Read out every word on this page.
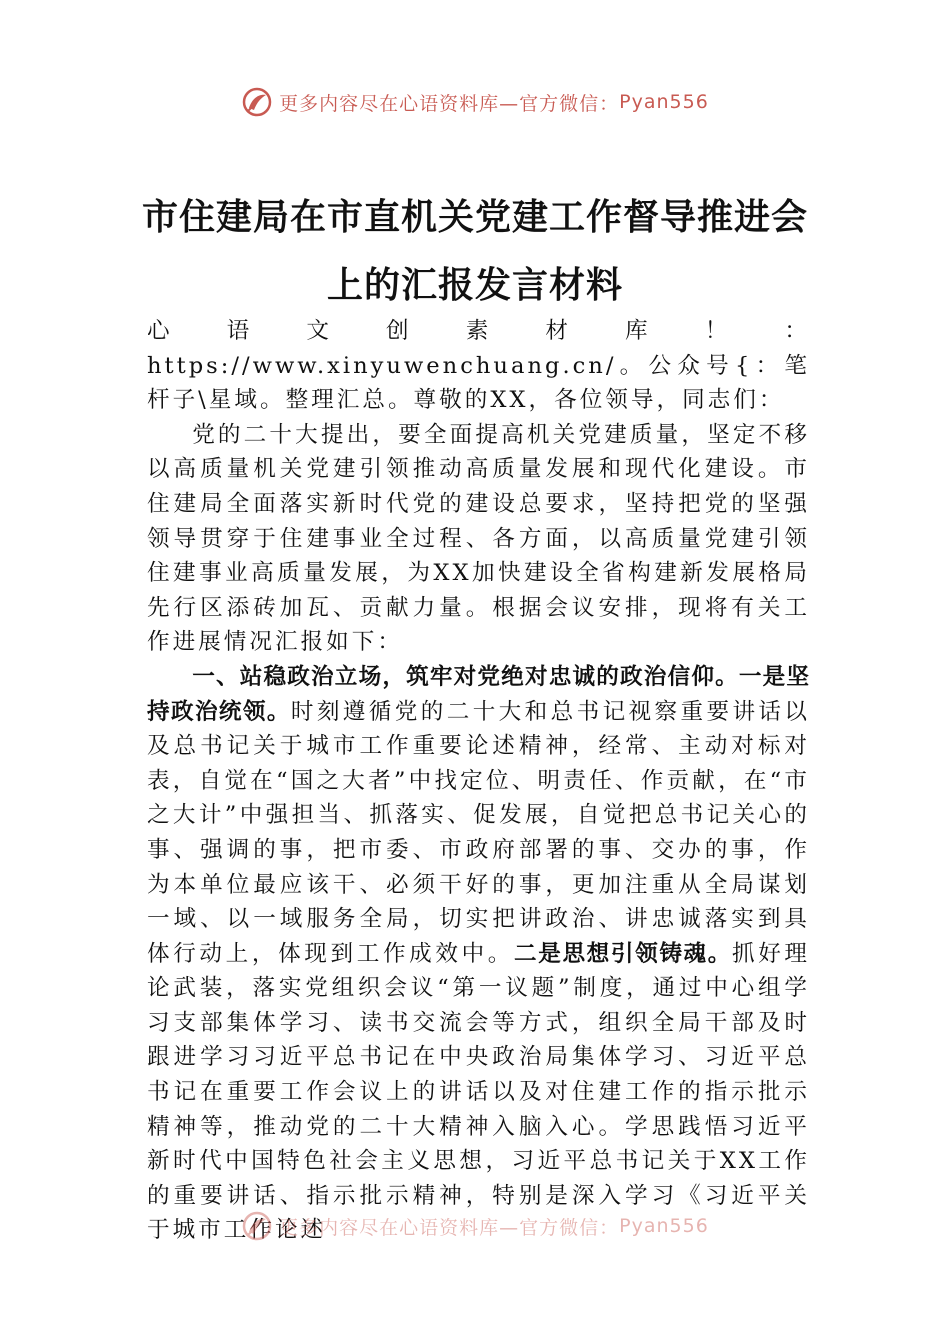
更多内容尽在心语资料库—官方微信： Pyan556
市住建局在市直机关党建工作督导推进会
上的汇报发言材料

心语文创素材库！：https://www.xinyuwenchuang.cn/。公众号{：笔杆子\星域。整理汇总。尊敬的XX，各位领导，同志们：

党的二十大提出，要全面提高机关党建质量，坚定不移以高质量机关党建引领推动高质量发展和现代化建设。市住建局全面落实新时代党的建设总要求，坚持把党的坚强领导贯穿于住建事业全过程、各方面，以高质量党建引领住建事业高质量发展，为XX加快建设全省构建新发展格局先行区添砖加瓦、贡献力量。根据会议安排，现将有关工作进展情况汇报如下：

一、站稳政治立场，筑牢对党绝对忠诚的政治信仰。一是坚持政治统领。时刻遵循党的二十大和总书记视察重要讲话以及总书记关于城市工作重要论述精神，经常、主动对标对表，自觉在“国之大者”中找定位、明责任、作贡献，在“市之大计”中强担当、抓落实、促发展，自觉把总书记关心的事、强调的事，把市委、市政府部署的事、交办的事，作为本单位最应该干、必须干好的事，更加注重从全局谋划一域、以一域服务全局，切实把讲政治、讲忠诚落实到具体行动上，体现到工作成效中。二是思想引领铸魂。抓好理论武装，落实党组织会议“第一议题”制度，通过中心组学习支部集体学习、读书交流会等方式，组织全局干部及时跟进学习习近平总书记在中央政治局集体学习、习近平总书记在重要工作会议上的讲话以及对住建工作的指示批示精神等，推动党的二十大精神入脑入心。学思践悟习近平新时代中国特色社会主义思想，习近平总书记关于XX工作的重要讲话、指示批示精神，特别是深入学习《习近平关于城市工作论述

更多内容尽在心语资料库—官方微信： Pyan556
